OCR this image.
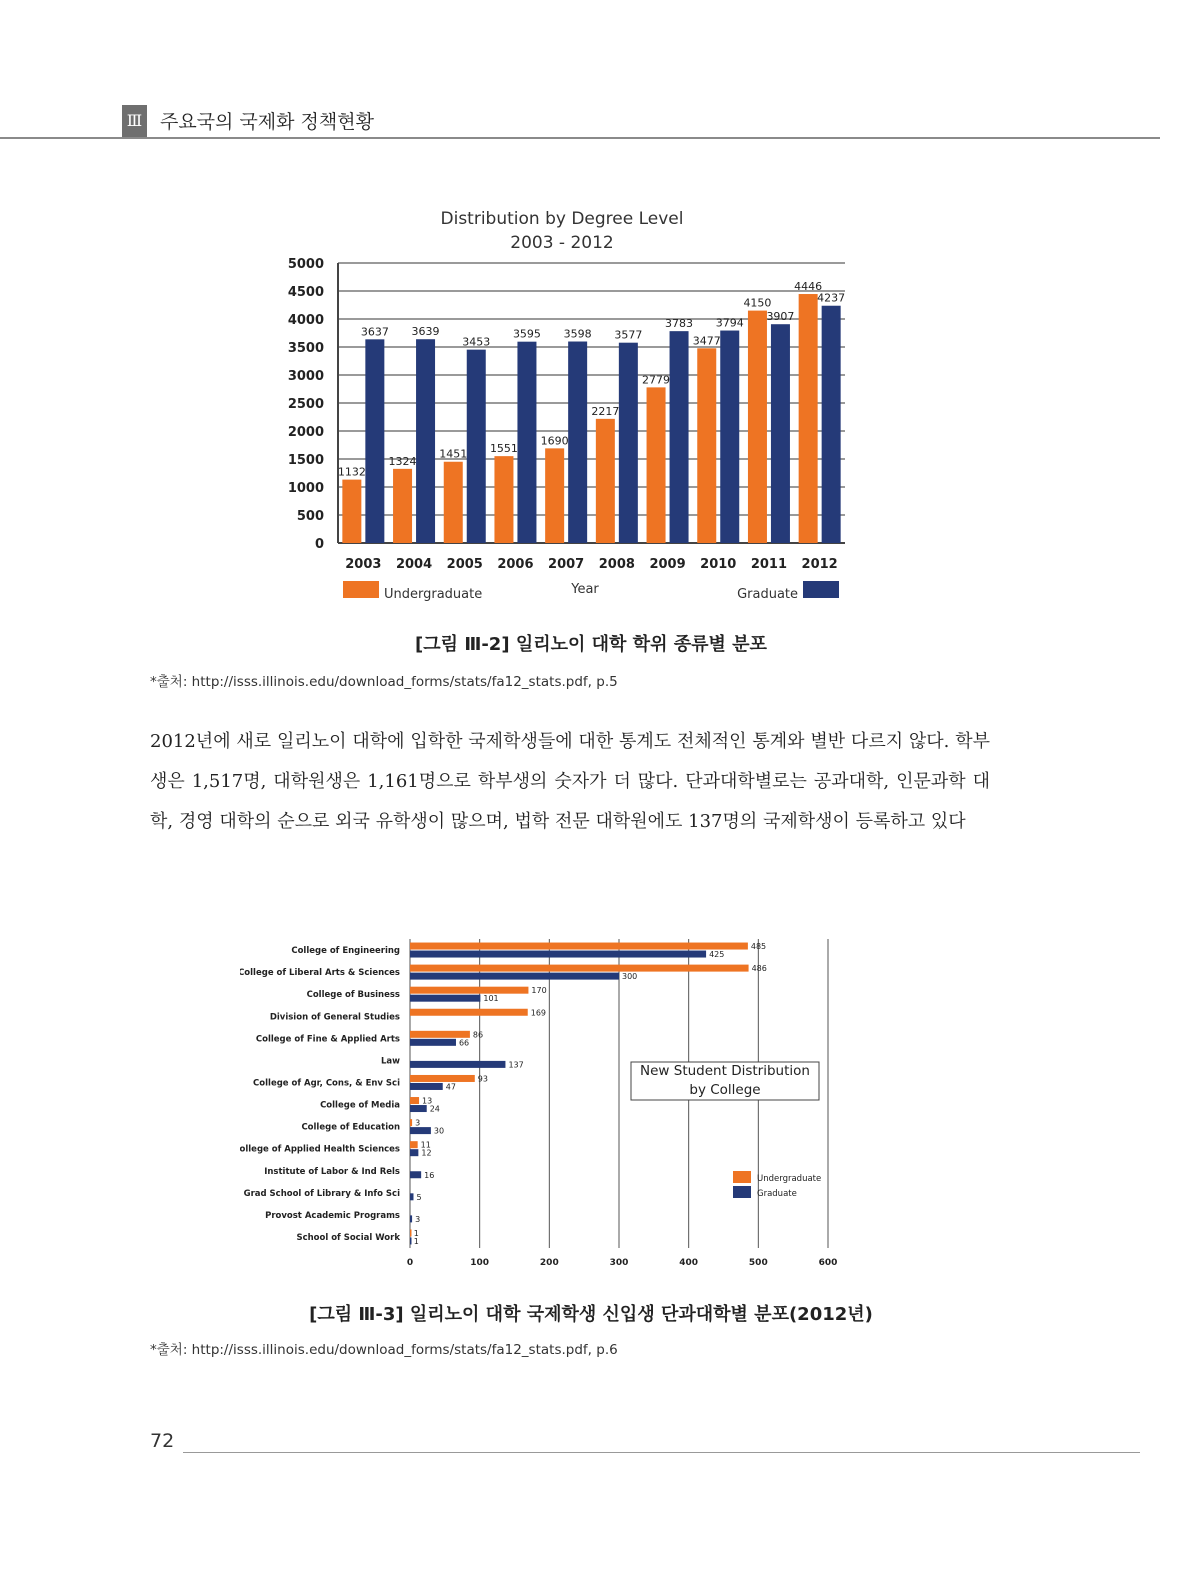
Ⅲ 주요국의 국제화 정책현황
Distribution by Degree Level
2003 - 2012
0
500
1000
1500
2000
2500
3000
3500
4000
4500
5000
2003
1132
3637
2004
1324
3639
2005
1451
3453
2006
1551
3595
2007
1690
3598
2008
2217
3577
2009
2779
3783
2010
3477
3794
2011
4150
3907
2012
4446
4237
Year
Undergraduate	Graduate
[그림 Ⅲ-2] 일리노이 대학 학위 종류별 분포
*출처: http://isss.illinois.edu/download_forms/stats/fa12_stats.pdf, p.5
2012년에 새로 일리노이 대학에 입학한 국제학생들에 대한 통계도 전체적인 통계와 별반 다르지 않다. 학부생은 1,517명, 대학원생은 1,161명으로 학부생의 숫자가 더 많다. 단과대학별로는 공과대학, 인문과학 대학, 경영 대학의 순으로 외국 유학생이 많으며, 법학 전문 대학원에도 137명의 국제학생이 등록하고 있다
0	100	200	300	400	500	600
College of Engineering	485
425
College of Liberal Arts & Sciences	486
300
College of Business	170
101
Division of General Studies	169
College of Fine & Applied Arts	86
66
Law	137
College of Agr, Cons, & Env Sci	93
47
College of Media	13
24
College of Education 3
30
College of Applied Health Sciences	11
12
Institute of Labor & Ind Rels	16
Grad School of Library & Info Sci 5
Provost Academic Programs 3
School of Social Work 1
1
New Student Distribution
by College
Undergraduate
Graduate
[그림 Ⅲ-3] 일리노이 대학 국제학생 신입생 단과대학별 분포(2012년)
*출처: http://isss.illinois.edu/download_forms/stats/fa12_stats.pdf, p.6
72
